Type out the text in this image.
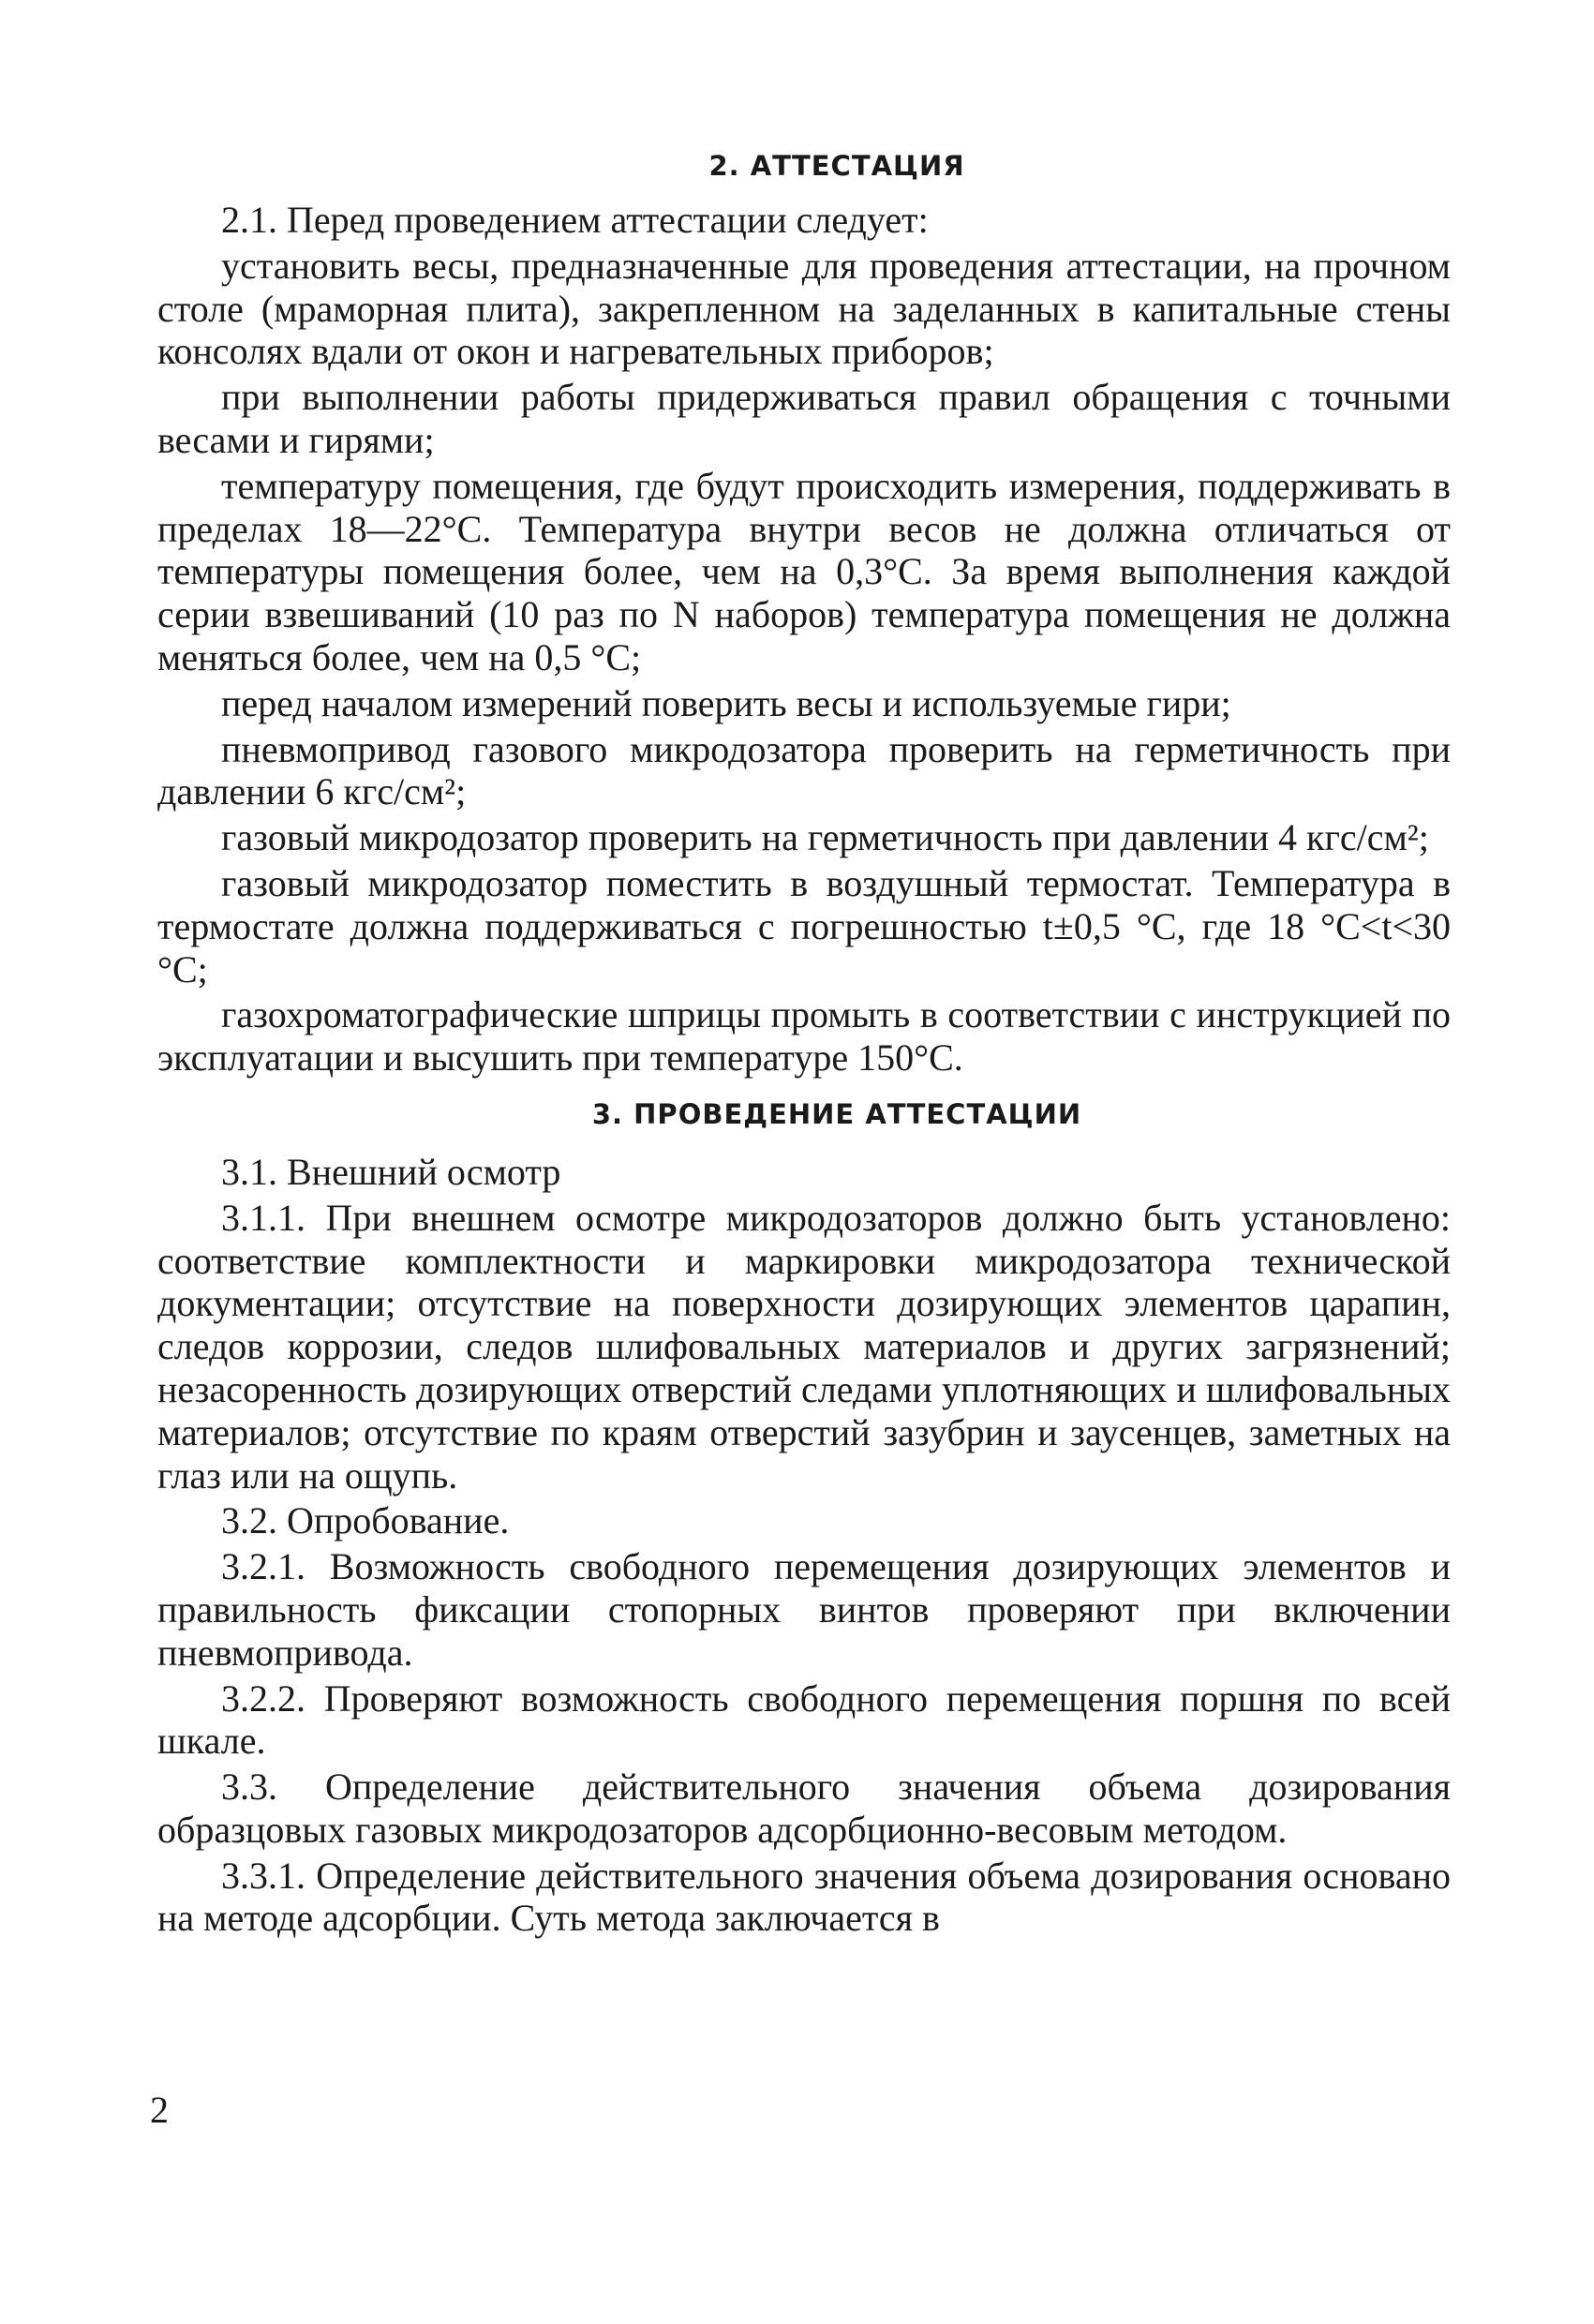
2. АТТЕСТАЦИЯ

2.1. Перед проведением аттестации следует:

установить весы, предназначенные для проведения аттестации, на прочном столе (мраморная плита), закрепленном на заделанных в капитальные стены консолях вдали от окон и нагревательных приборов;

при выполнении работы придерживаться правил обращения с точными весами и гирями;

температуру помещения, где будут происходить измерения, поддерживать в пределах 18—22°С. Температура внутри весов не должна отличаться от температуры помещения более, чем на 0,3°С. За время выполнения каждой серии взвешиваний (10 раз по N наборов) температура помещения не должна меняться более, чем на 0,5 °С;

перед началом измерений поверить весы и используемые гири;

пневмопривод газового микродозатора проверить на герметичность при давлении 6 кгс/см²;

газовый микродозатор проверить на герметичность при давлении 4 кгс/см²;

газовый микродозатор поместить в воздушный термостат. Температура в термостате должна поддерживаться с погрешностью t±0,5 °С, где 18 °С<t<30 °С;

газохроматографические шприцы промыть в соответствии с инструкцией по эксплуатации и высушить при температуре 150°С.

3. ПРОВЕДЕНИЕ АТТЕСТАЦИИ

3.1. Внешний осмотр

3.1.1. При внешнем осмотре микродозаторов должно быть установлено: соответствие комплектности и маркировки микродозатора технической документации; отсутствие на поверхности дозирующих элементов царапин, следов коррозии, следов шлифовальных материалов и других загрязнений; незасоренность дозирующих отверстий следами уплотняющих и шлифовальных материалов; отсутствие по краям отверстий зазубрин и заусенцев, заметных на глаз или на ощупь.

3.2. Опробование.

3.2.1. Возможность свободного перемещения дозирующих элементов и правильность фиксации стопорных винтов проверяют при включении пневмопривода.

3.2.2. Проверяют возможность свободного перемещения поршня по всей шкале.

3.3. Определение действительного значения объема дозирования образцовых газовых микродозаторов адсорбционно-весовым методом.

3.3.1. Определение действительного значения объема дозирования основано на методе адсорбции. Суть метода заключается в

2
